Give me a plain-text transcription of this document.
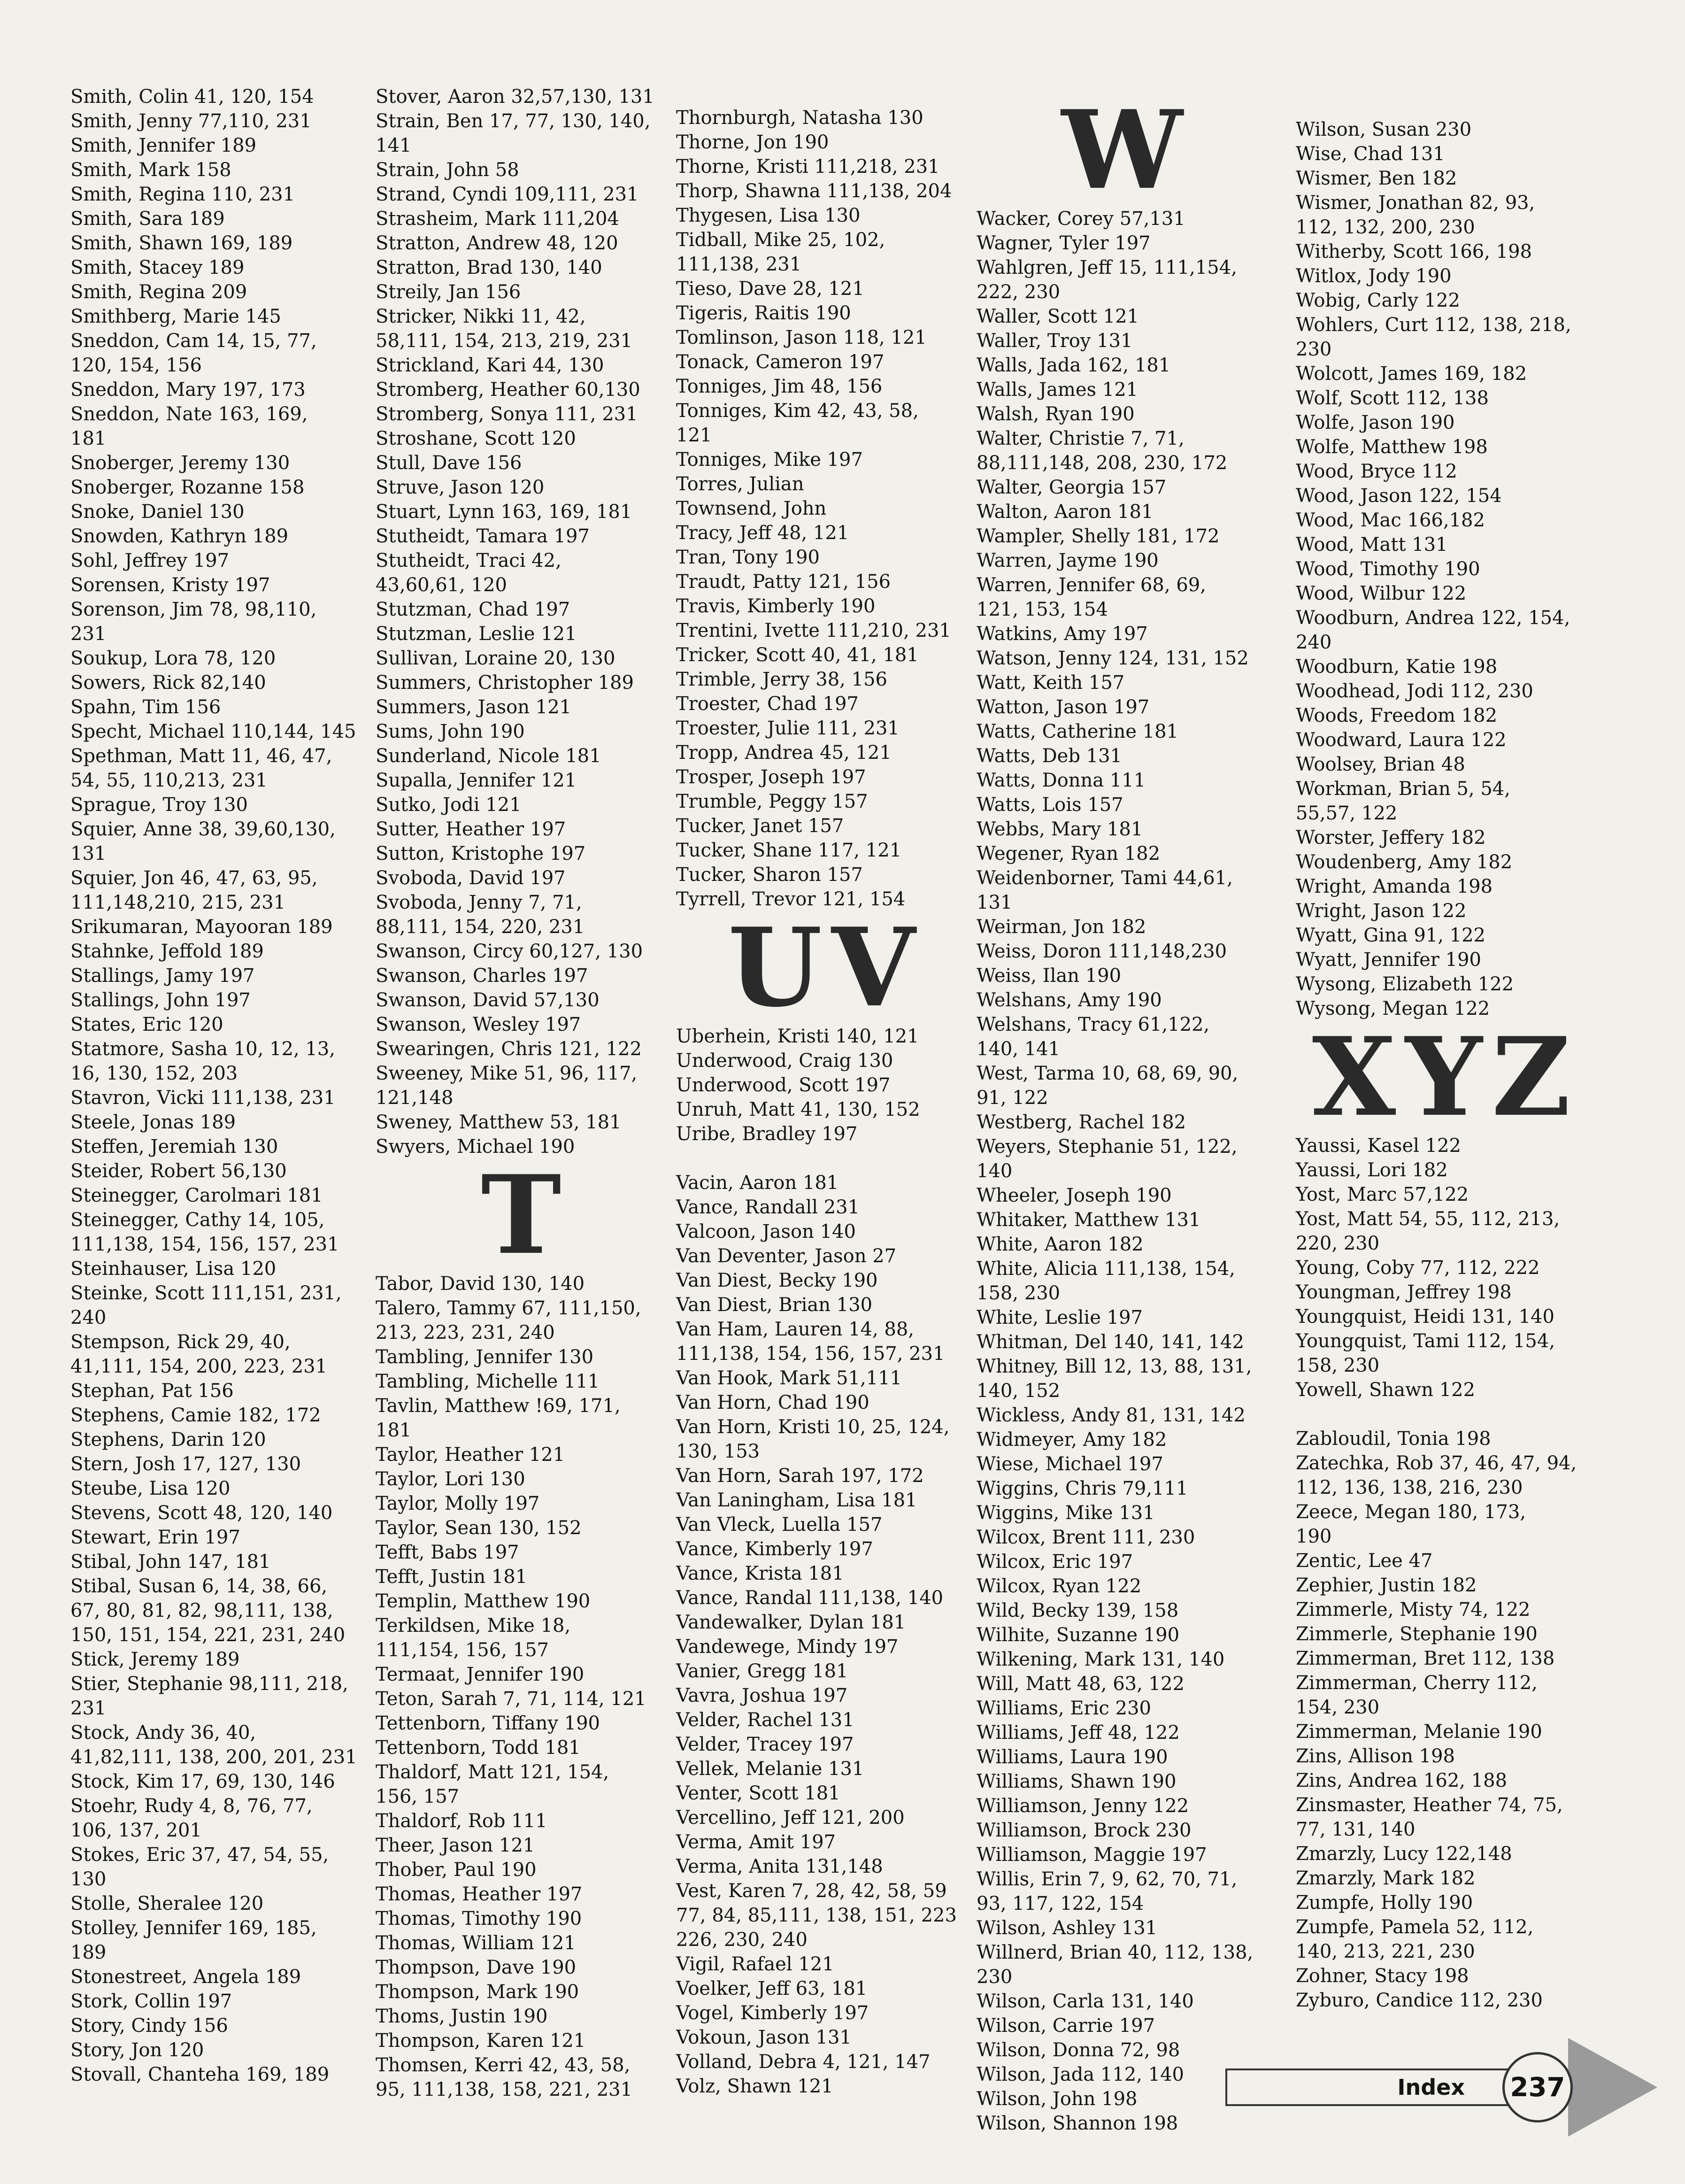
Smith, Colin 41, 120, 154
Smith, Jenny 77,110, 231
Smith, Jennifer 189
Smith, Mark 158
Smith, Regina 110, 231
Smith, Sara 189
Smith, Shawn 169, 189
Smith, Stacey 189
Smith, Regina 209
Smithberg, Marie 145
Sneddon, Cam 14, 15, 77,
120, 154, 156
Sneddon, Mary 197, 173
Sneddon, Nate 163, 169,
181
Snoberger, Jeremy 130
Snoberger, Rozanne 158
Snoke, Daniel 130
Snowden, Kathryn 189
Sohl, Jeffrey 197
Sorensen, Kristy 197
Sorenson, Jim 78, 98,110,
231
Soukup, Lora 78, 120
Sowers, Rick 82,140
Spahn, Tim 156
Specht, Michael 110,144, 145
Spethman, Matt 11, 46, 47,
54, 55, 110,213, 231
Sprague, Troy 130
Squier, Anne 38, 39,60,130,
131
Squier, Jon 46, 47, 63, 95,
111,148,210, 215, 231
Srikumaran, Mayooran 189
Stahnke, Jeffold 189
Stallings, Jamy 197
Stallings, John 197
States, Eric 120
Statmore, Sasha 10, 12, 13,
16, 130, 152, 203
Stavron, Vicki 111,138, 231
Steele, Jonas 189
Steffen, Jeremiah 130
Steider, Robert 56,130
Steinegger, Carolmari 181
Steinegger, Cathy 14, 105,
111,138, 154, 156, 157, 231
Steinhauser, Lisa 120
Steinke, Scott 111,151, 231,
240
Stempson, Rick 29, 40,
41,111, 154, 200, 223, 231
Stephan, Pat 156
Stephens, Camie 182, 172
Stephens, Darin 120
Stern, Josh 17, 127, 130
Steube, Lisa 120
Stevens, Scott 48, 120, 140
Stewart, Erin 197
Stibal, John 147, 181
Stibal, Susan 6, 14, 38, 66,
67, 80, 81, 82, 98,111, 138,
150, 151, 154, 221, 231, 240
Stick, Jeremy 189
Stier, Stephanie 98,111, 218,
231
Stock, Andy 36, 40,
41,82,111, 138, 200, 201, 231
Stock, Kim 17, 69, 130, 146
Stoehr, Rudy 4, 8, 76, 77,
106, 137, 201
Stokes, Eric 37, 47, 54, 55,
130
Stolle, Sheralee 120
Stolley, Jennifer 169, 185,
189
Stonestreet, Angela 189
Stork, Collin 197
Story, Cindy 156
Story, Jon 120
Stovall, Chanteha 169, 189
Stover, Aaron 32,57,130, 131
Strain, Ben 17, 77, 130, 140,
141
Strain, John 58
Strand, Cyndi 109,111, 231
Strasheim, Mark 111,204
Stratton, Andrew 48, 120
Stratton, Brad 130, 140
Streily, Jan 156
Stricker, Nikki 11, 42,
58,111, 154, 213, 219, 231
Strickland, Kari 44, 130
Stromberg, Heather 60,130
Stromberg, Sonya 111, 231
Stroshane, Scott 120
Stull, Dave 156
Struve, Jason 120
Stuart, Lynn 163, 169, 181
Stutheidt, Tamara 197
Stutheidt, Traci 42,
43,60,61, 120
Stutzman, Chad 197
Stutzman, Leslie 121
Sullivan, Loraine 20, 130
Summers, Christopher 189
Summers, Jason 121
Sums, John 190
Sunderland, Nicole 181
Supalla, Jennifer 121
Sutko, Jodi 121
Sutter, Heather 197
Sutton, Kristophe 197
Svoboda, David 197
Svoboda, Jenny 7, 71,
88,111, 154, 220, 231
Swanson, Circy 60,127, 130
Swanson, Charles 197
Swanson, David 57,130
Swanson, Wesley 197
Swearingen, Chris 121, 122
Sweeney, Mike 51, 96, 117,
121,148
Sweney, Matthew 53, 181
Swyers, Michael 190
T
Tabor, David 130, 140
Talero, Tammy 67, 111,150,
213, 223, 231, 240
Tambling, Jennifer 130
Tambling, Michelle 111
Tavlin, Matthew !69, 171,
181
Taylor, Heather 121
Taylor, Lori 130
Taylor, Molly 197
Taylor, Sean 130, 152
Tefft, Babs 197
Tefft, Justin 181
Templin, Matthew 190
Terkildsen, Mike 18,
111,154, 156, 157
Termaat, Jennifer 190
Teton, Sarah 7, 71, 114, 121
Tettenborn, Tiffany 190
Tettenborn, Todd 181
Thaldorf, Matt 121, 154,
156, 157
Thaldorf, Rob 111
Theer, Jason 121
Thober, Paul 190
Thomas, Heather 197
Thomas, Timothy 190
Thomas, William 121
Thompson, Dave 190
Thompson, Mark 190
Thoms, Justin 190
Thompson, Karen 121
Thomsen, Kerri 42, 43, 58,
95, 111,138, 158, 221, 231
Thornburgh, Natasha 130
Thorne, Jon 190
Thorne, Kristi 111,218, 231
Thorp, Shawna 111,138, 204
Thygesen, Lisa 130
Tidball, Mike 25, 102,
111,138, 231
Tieso, Dave 28, 121
Tigeris, Raitis 190
Tomlinson, Jason 118, 121
Tonack, Cameron 197
Tonniges, Jim 48, 156
Tonniges, Kim 42, 43, 58,
121
Tonniges, Mike 197
Torres, Julian
Townsend, John
Tracy, Jeff 48, 121
Tran, Tony 190
Traudt, Patty 121, 156
Travis, Kimberly 190
Trentini, Ivette 111,210, 231
Tricker, Scott 40, 41, 181
Trimble, Jerry 38, 156
Troester, Chad 197
Troester, Julie 111, 231
Tropp, Andrea 45, 121
Trosper, Joseph 197
Trumble, Peggy 157
Tucker, Janet 157
Tucker, Shane 117, 121
Tucker, Sharon 157
Tyrrell, Trevor 121, 154
UV
Uberhein, Kristi 140, 121
Underwood, Craig 130
Underwood, Scott 197
Unruh, Matt 41, 130, 152
Uribe, Bradley 197
Vacin, Aaron 181
Vance, Randall 231
Valcoon, Jason 140
Van Deventer, Jason 27
Van Diest, Becky 190
Van Diest, Brian 130
Van Ham, Lauren 14, 88,
111,138, 154, 156, 157, 231
Van Hook, Mark 51,111
Van Horn, Chad 190
Van Horn, Kristi 10, 25, 124,
130, 153
Van Horn, Sarah 197, 172
Van Laningham, Lisa 181
Van Vleck, Luella 157
Vance, Kimberly 197
Vance, Krista 181
Vance, Randal 111,138, 140
Vandewalker, Dylan 181
Vandewege, Mindy 197
Vanier, Gregg 181
Vavra, Joshua 197
Velder, Rachel 131
Velder, Tracey 197
Vellek, Melanie 131
Venter, Scott 181
Vercellino, Jeff 121, 200
Verma, Amit 197
Verma, Anita 131,148
Vest, Karen 7, 28, 42, 58, 59
77, 84, 85,111, 138, 151, 223
226, 230, 240
Vigil, Rafael 121
Voelker, Jeff 63, 181
Vogel, Kimberly 197
Vokoun, Jason 131
Volland, Debra 4, 121, 147
Volz, Shawn 121
W
Wacker, Corey 57,131
Wagner, Tyler 197
Wahlgren, Jeff 15, 111,154,
222, 230
Waller, Scott 121
Waller, Troy 131
Walls, Jada 162, 181
Walls, James 121
Walsh, Ryan 190
Walter, Christie 7, 71,
88,111,148, 208, 230, 172
Walter, Georgia 157
Walton, Aaron 181
Wampler, Shelly 181, 172
Warren, Jayme 190
Warren, Jennifer 68, 69,
121, 153, 154
Watkins, Amy 197
Watson, Jenny 124, 131, 152
Watt, Keith 157
Watton, Jason 197
Watts, Catherine 181
Watts, Deb 131
Watts, Donna 111
Watts, Lois 157
Webbs, Mary 181
Wegener, Ryan 182
Weidenborner, Tami 44,61,
131
Weirman, Jon 182
Weiss, Doron 111,148,230
Weiss, Ilan 190
Welshans, Amy 190
Welshans, Tracy 61,122,
140, 141
West, Tarma 10, 68, 69, 90,
91, 122
Westberg, Rachel 182
Weyers, Stephanie 51, 122,
140
Wheeler, Joseph 190
Whitaker, Matthew 131
White, Aaron 182
White, Alicia 111,138, 154,
158, 230
White, Leslie 197
Whitman, Del 140, 141, 142
Whitney, Bill 12, 13, 88, 131,
140, 152
Wickless, Andy 81, 131, 142
Widmeyer, Amy 182
Wiese, Michael 197
Wiggins, Chris 79,111
Wiggins, Mike 131
Wilcox, Brent 111, 230
Wilcox, Eric 197
Wilcox, Ryan 122
Wild, Becky 139, 158
Wilhite, Suzanne 190
Wilkening, Mark 131, 140
Will, Matt 48, 63, 122
Williams, Eric 230
Williams, Jeff 48, 122
Williams, Laura 190
Williams, Shawn 190
Williamson, Jenny 122
Williamson, Brock 230
Williamson, Maggie 197
Willis, Erin 7, 9, 62, 70, 71,
93, 117, 122, 154
Wilson, Ashley 131
Willnerd, Brian 40, 112, 138,
230
Wilson, Carla 131, 140
Wilson, Carrie 197
Wilson, Donna 72, 98
Wilson, Jada 112, 140
Wilson, John 198
Wilson, Shannon 198
Wilson, Susan 230
Wise, Chad 131
Wismer, Ben 182
Wismer, Jonathan 82, 93,
112, 132, 200, 230
Witherby, Scott 166, 198
Witlox, Jody 190
Wobig, Carly 122
Wohlers, Curt 112, 138, 218,
230
Wolcott, James 169, 182
Wolf, Scott 112, 138
Wolfe, Jason 190
Wolfe, Matthew 198
Wood, Bryce 112
Wood, Jason 122, 154
Wood, Mac 166,182
Wood, Matt 131
Wood, Timothy 190
Wood, Wilbur 122
Woodburn, Andrea 122, 154,
240
Woodburn, Katie 198
Woodhead, Jodi 112, 230
Woods, Freedom 182
Woodward, Laura 122
Woolsey, Brian 48
Workman, Brian 5, 54,
55,57, 122
Worster, Jeffery 182
Woudenberg, Amy 182
Wright, Amanda 198
Wright, Jason 122
Wyatt, Gina 91, 122
Wyatt, Jennifer 190
Wysong, Elizabeth 122
Wysong, Megan 122
XYZ
Yaussi, Kasel 122
Yaussi, Lori 182
Yost, Marc 57,122
Yost, Matt 54, 55, 112, 213,
220, 230
Young, Coby 77, 112, 222
Youngman, Jeffrey 198
Youngquist, Heidi 131, 140
Youngquist, Tami 112, 154,
158, 230
Yowell, Shawn 122
Zabloudil, Tonia 198
Zatechka, Rob 37, 46, 47, 94,
112, 136, 138, 216, 230
Zeece, Megan 180, 173,
190
Zentic, Lee 47
Zephier, Justin 182
Zimmerle, Misty 74, 122
Zimmerle, Stephanie 190
Zimmerman, Bret 112, 138
Zimmerman, Cherry 112,
154, 230
Zimmerman, Melanie 190
Zins, Allison 198
Zins, Andrea 162, 188
Zinsmaster, Heather 74, 75,
77, 131, 140
Zmarzly, Lucy 122,148
Zmarzly, Mark 182
Zumpfe, Holly 190
Zumpfe, Pamela 52, 112,
140, 213, 221, 230
Zohner, Stacy 198
Zyburo, Candice 112, 230
Index 237
